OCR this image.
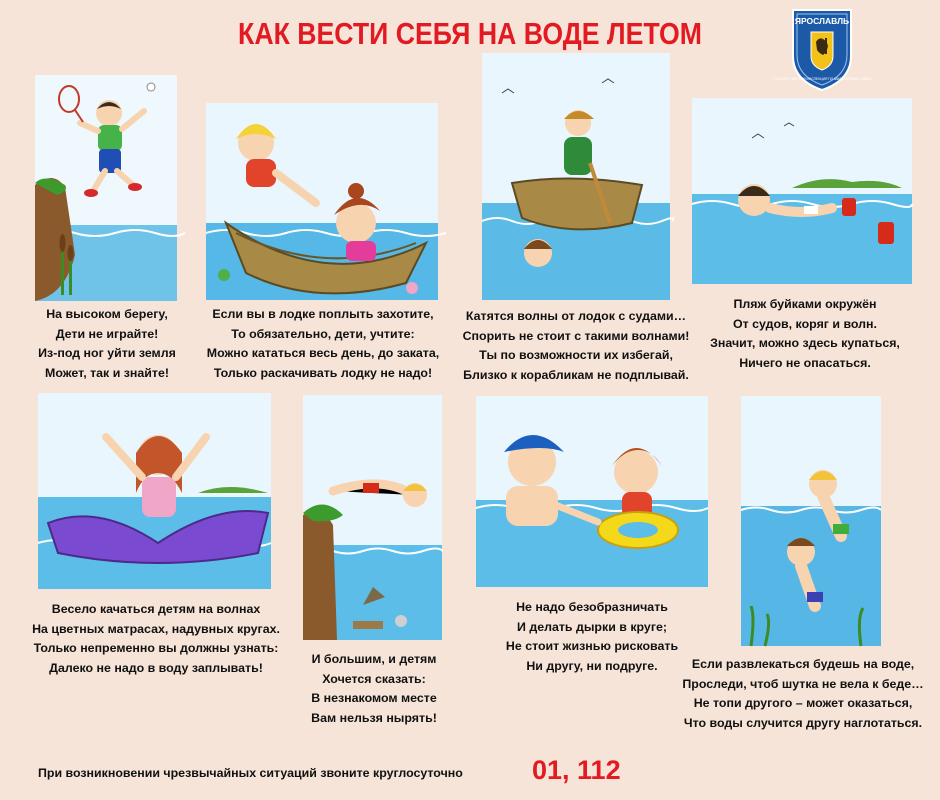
КАК ВЕСТИ СЕБЯ НА ВОДЕ ЛЕТОМ	ЯРОСЛАВЛЬ
ГОСУДАРСТВЕННАЯ ИНСПЕКЦИЯ ПО МАЛОМЕРНЫМ СУДАМ
На высоком берегу,
Дети не играйте!
Из-под ног уйти земля
Может, так и знайте!
Если вы в лодке поплыть захотите,
То обязательно, дети, учтите:
Можно кататься весь день, до заката,
Только раскачивать лодку не надо!
Катятся волны от лодок с судами…
Спорить не стоит с такими волнами!
Ты по возможности их избегай,
Близко к корабликам не подплывай.
Пляж буйками окружён
От судов, коряг и волн.
Значит, можно здесь купаться,
Ничего не опасаться.
Весело качаться детям на волнах
На цветных матрасах, надувных кругах.
Только непременно вы должны узнать:
Далеко не надо в воду заплывать!
И большим, и детям
Хочется сказать:
В незнакомом месте
Вам нельзя нырять!
Не надо безобразничать
И делать дырки в круге;
Не стоит жизнью рисковать
Ни другу, ни подруге.	Если развлекаться будешь на воде,
Проследи, чтоб шутка не вела к беде…
Не топи другого – может оказаться,
Что воды случится другу наглотаться.
При возникновении чрезвычайных ситуаций звоните круглосуточно	01, 112
